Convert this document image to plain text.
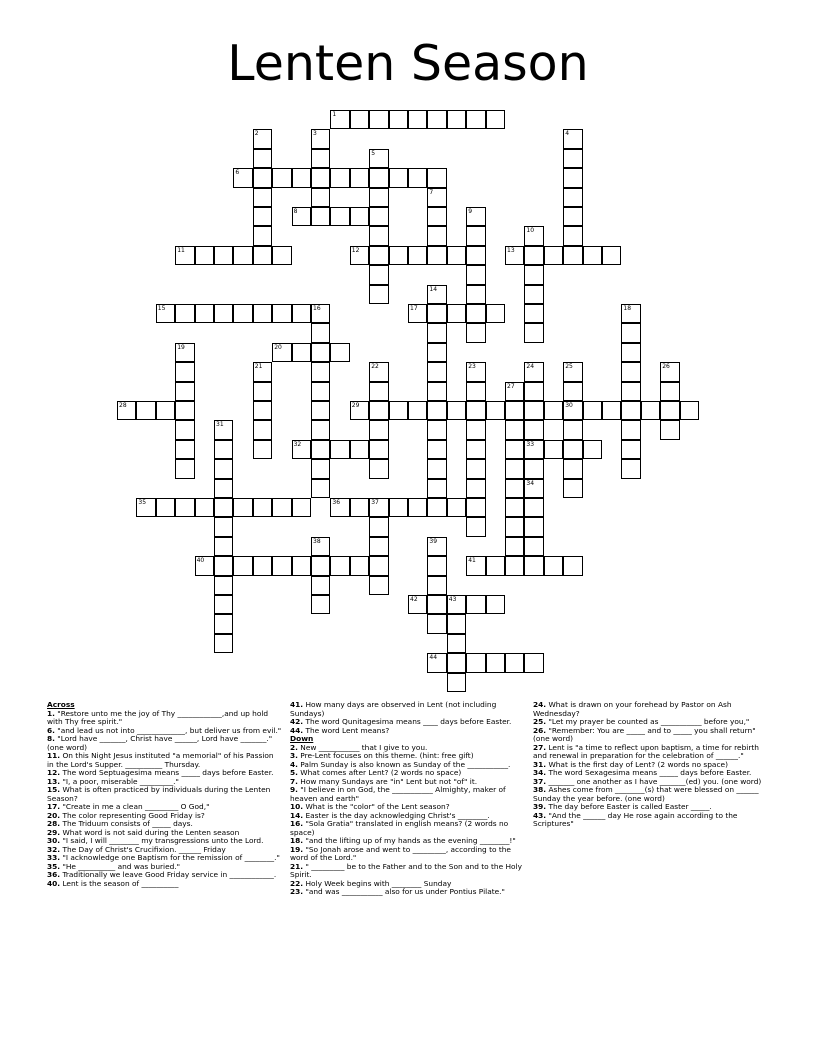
Lenten Season
1
2	3	4
5
6
7
8	9
10
11	12	13
14
15	16	17	18
19	20
21	22	23	24
33
34
25
30
26
27
28	29
31
32
35	36	37
38	39
40	41
42	43
44
Across
1. "Restore unto me the joy of Thy ____________,and up hold with Thy free spirit."
6. "and lead us not into _____________, but deliver us from evil."
8. "Lord have _______, Christ have ______, Lord have _______." (one word)
11. On this Night Jesus instituted "a memorial" of his Passion in the Lord's Supper. __________ Thursday.
12. The word Septuagesima means _____ days before Easter.
13. "I, a poor, miserable _________."
15. What is often practiced by individuals during the Lenten Season?
17. "Create in me a clean _________ O God,"
20. The color representing Good Friday is?
28. The Triduum consists of _____ days.
29. What word is not said during the Lenten season
30. "I said, I will ________ my transgressions unto the Lord.
32. The Day of Christ's Crucifixion. ______ Friday
33. "I acknowledge one Baptism for the remission of ________."
35. "He __________ and was buried."
36. Traditionally we leave Good Friday service in ____________.
40. Lent is the season of __________
41. How many days are observed in Lent (not including Sundays)
42. The word Qunitagesima means ____ days before Easter.
44. The word Lent means?
Down
2. New ___________ that I give to you.
3. Pre-Lent focuses on this theme. (hint: free gift)
4. Palm Sunday is also known as Sunday of the ___________.
5. What comes after Lent? (2 words no space)
7. How many Sundays are "in" Lent but not "of" it.
9. "I believe in on God, the ___________ Almighty, maker of heaven and earth"
10. What is the "color" of the Lent season?
14. Easter is the day acknowledging Christ's ________.
16. "Sola Gratia" translated in english means? (2 words no space)
18. "and the lifting up of my hands as the evening ________!"
19. "So Jonah arose and went to _________, according to the word of the Lord."
21. " _________ be to the Father and to the Son and to the Holy Spirit.
22. Holy Week begins with ________ Sunday
23. "and was ___________ also for us under Pontius Pilate."
24. What is drawn on your forehead by Pastor on Ash Wednesday?
25. "Let my prayer be counted as ___________ before you,"
26. "Remember: You are _____ and to _____ you shall return" (one word)
27. Lent is "a time to reflect upon baptism, a time for rebirth and renewal in preparation for the celebration of ______."
31. What is the first day of Lent? (2 words no space)
34. The word Sexagesima means _____ days before Easter.
37. _______ one another as I have _______(ed) you. (one word)
38. Ashes come from ________(s) that were blessed on ______ Sunday the year before. (one word)
39. The day before Easter is called Easter _____.
43. "And the ______ day He rose again according to the Scriptures"
